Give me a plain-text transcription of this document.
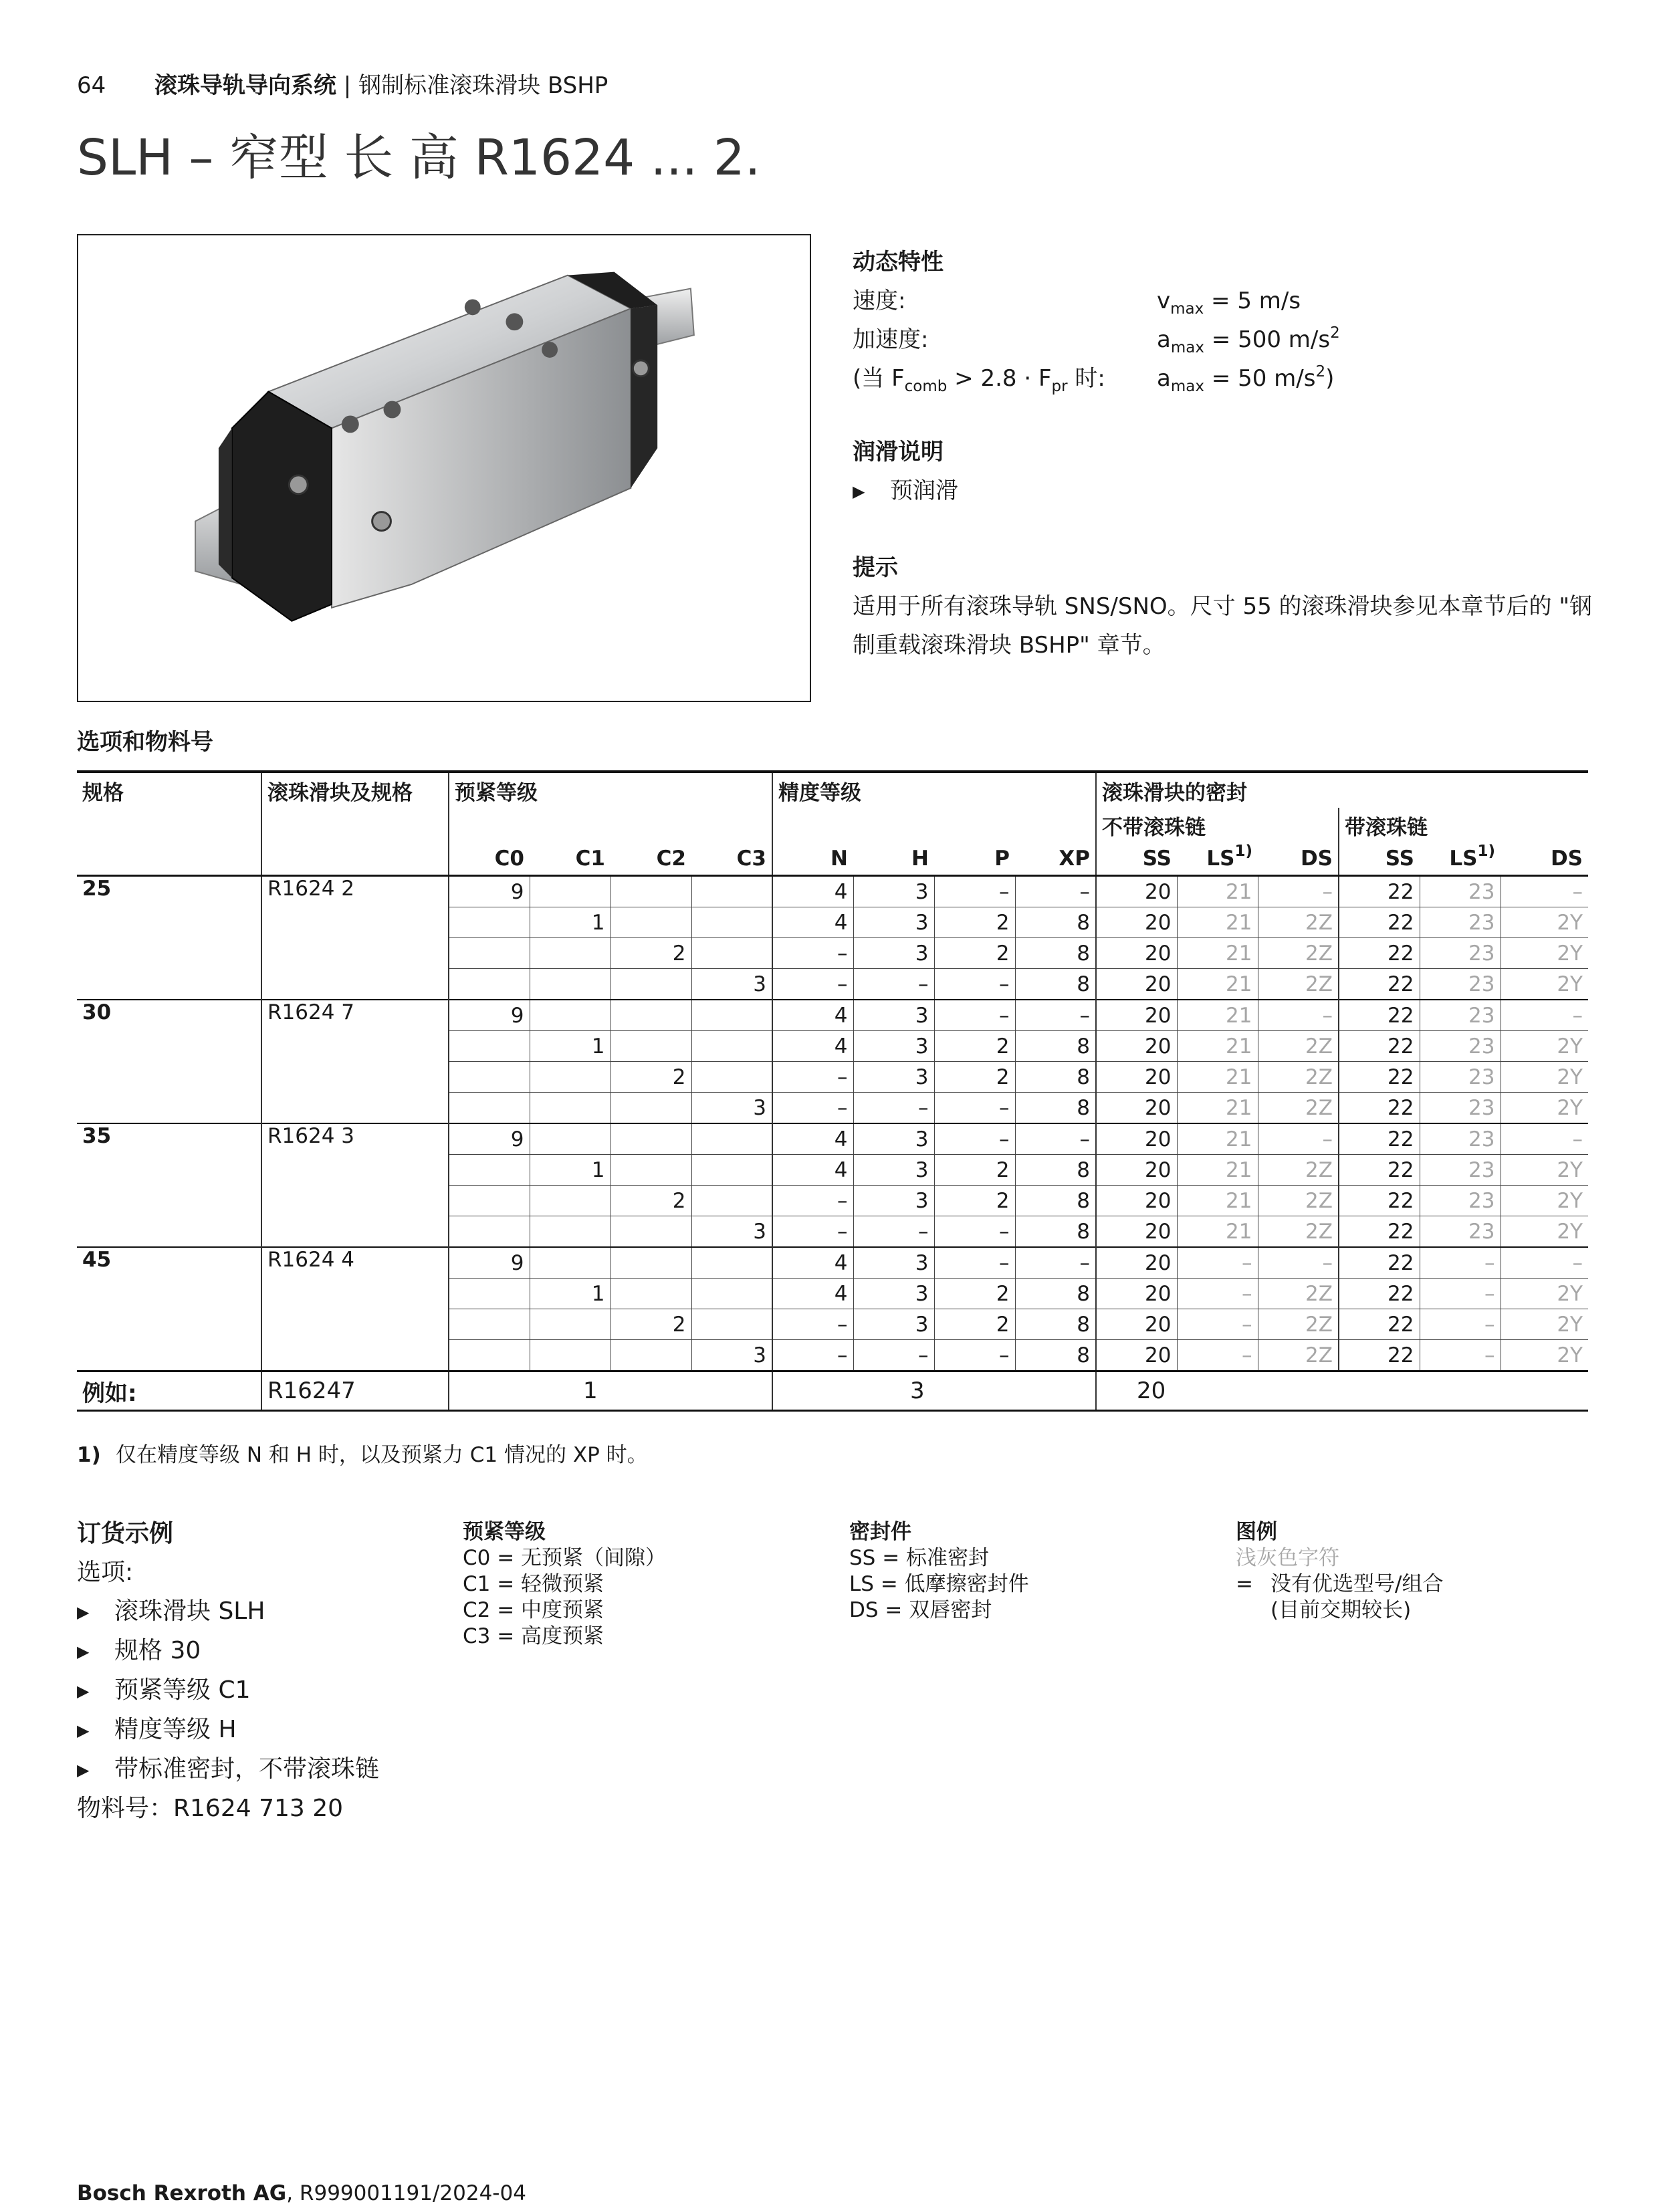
64 滚珠导轨导向系统 | 钢制标准滚珠滑块 BSHP
SLH – 窄型 长 高 R1624 ... 2.
动态特性
速度:	$v_{max} = 5$ m/s
加速度:	$a_{max} = 500$ $m/s^2$
(当 $F_{comb} > 2.8 \cdot F_{pr}$ 时: $a_{max} = 50$ $m/s^2$)
润滑说明
▶ 预润滑
提示
适用于所有滚珠导轨 SNS/SNO。尺寸 55 的滚珠滑块参见本章节后的 "钢制重载滚珠滑块 BSHP" 章节。
选项和物料号
规格	滚珠滑块及规格	预紧等级				精度等级				滚珠滑块的密封					
										不带滚珠链			带滚珠链		
		C0	C1	C2	C3	N	H	P	XP	SS	LS$^{1)}$	DS	SS	LS$^{1)}$	DS
25	R1624 2	9				4	3	–	–	20	21	–	22	23	–
			1			4	3	2	8	20	21	2Z	22	23	2Y
				2		–	3	2	8	20	21	2Z	22	23	2Y
					3	–	–	–	8	20	21	2Z	22	23	2Y
30	R1624 7	9				4	3	–	–	20	21	–	22	23	–
			1			4	3	2	8	20	21	2Z	22	23	2Y
				2		–	3	2	8	20	21	2Z	22	23	2Y
					3	–	–	–	8	20	21	2Z	22	23	2Y
35	R1624 3	9				4	3	–	–	20	21	–	22	23	–
			1			4	3	2	8	20	21	2Z	22	23	2Y
				2		–	3	2	8	20	21	2Z	22	23	2Y
					3	–	–	–	8	20	21	2Z	22	23	2Y
45	R1624 4	9				4	3	–	–	20	–	–	22	–	–
			1			4	3	2	8	20	–	2Z	22	–	2Y
				2		–	3	2	8	20	–	2Z	22	–	2Y
					3	–	–	–	8	20	–	2Z	22	–	2Y
例如:	R16247	1				3				20					
1) 仅在精度等级 N 和 H 时，以及预紧力 C1 情况的 XP 时。
订货示例
选项:
▶ 滚珠滑块 SLH
▶ 规格 30
▶ 预紧等级 C1
▶ 精度等级 H
▶ 带标准密封，不带滚珠链
物料号：R1624 713 20
预紧等级
C0 = 无预紧（间隙）
C1 = 轻微预紧
C2 = 中度预紧
C3 = 高度预紧
密封件
SS = 标准密封
LS = 低摩擦密封件
DS = 双唇密封
图例
浅灰色字符
= 没有优选型号/组合
(目前交期较长)
Bosch Rexroth AG, R999001191/2024-04
